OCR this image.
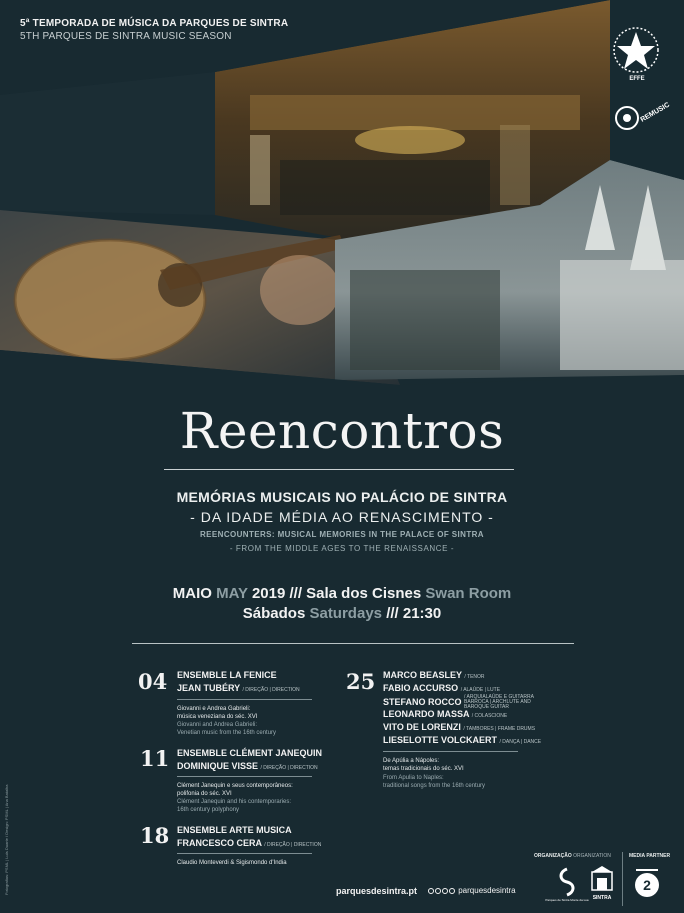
5ª TEMPORADA DE MÚSICA DA PARQUES DE SINTRA
5TH PARQUES DE SINTRA MUSIC SEASON
EFFE
REMUSIC
Reencontros
MEMÓRIAS MUSICAIS NO PALÁCIO DE SINTRA
- DA IDADE MÉDIA AO RENASCIMENTO -
REENCOUNTERS: MUSICAL MEMORIES IN THE PALACE OF SINTRA
- FROM THE MIDDLE AGES TO THE RENAISSANCE -
MAIO MAY 2019 /// Sala dos Cisnes Swan Room
Sábados Saturdays /// 21:30
04 ENSEMBLE LA FENICE
JEAN TUBÉRY / DIREÇÃO | DIRECTION
Giovanni e Andrea Gabrieli:
música veneziana do séc. XVI
Giovanni and Andrea Gabrieli:
Venetian music from the 16th century
11 ENSEMBLE CLÉMENT JANEQUIN
DOMINIQUE VISSE / DIREÇÃO | DIRECTION
Clément Janequin e seus contemporâneos:
polifonia do séc. XVI
Clément Janequin and his contemporaries:
16th century polyphony
18 ENSEMBLE ARTE MUSICA
FRANCESCO CERA / DIREÇÃO | DIRECTION
Claudio Monteverdi & Sigismondo d'India
25 MARCO BEASLEY / TENOR
FABIO ACCURSO / ALAÚDE | LUTE
STEFANO ROCCO / ARQUIALAÚDE E GUITARRA BARROCA | ARCHLUTE AND BAROQUE GUITAR
LEONARDO MASSA / COLASCIONE
VITO DE LORENZI / TAMBORES | FRAME DRUMS
LIESELOTTE VOLCKAERT / DANÇA | DANCE
De Apúlia a Nápoles:
temas tradicionais do séc. XVI
From Apulia to Naples:
traditional songs from the 16th century
Fotografias: PSML | Luís Duarte / Design: PSML | Ana Batalha	parquesdesintra.pt	parquesdesintra
ORGANIZAÇÃO ORGANIZATION
Parques de Sintra Monte da Lua SINTRA
MEDIA PARTNER
2
